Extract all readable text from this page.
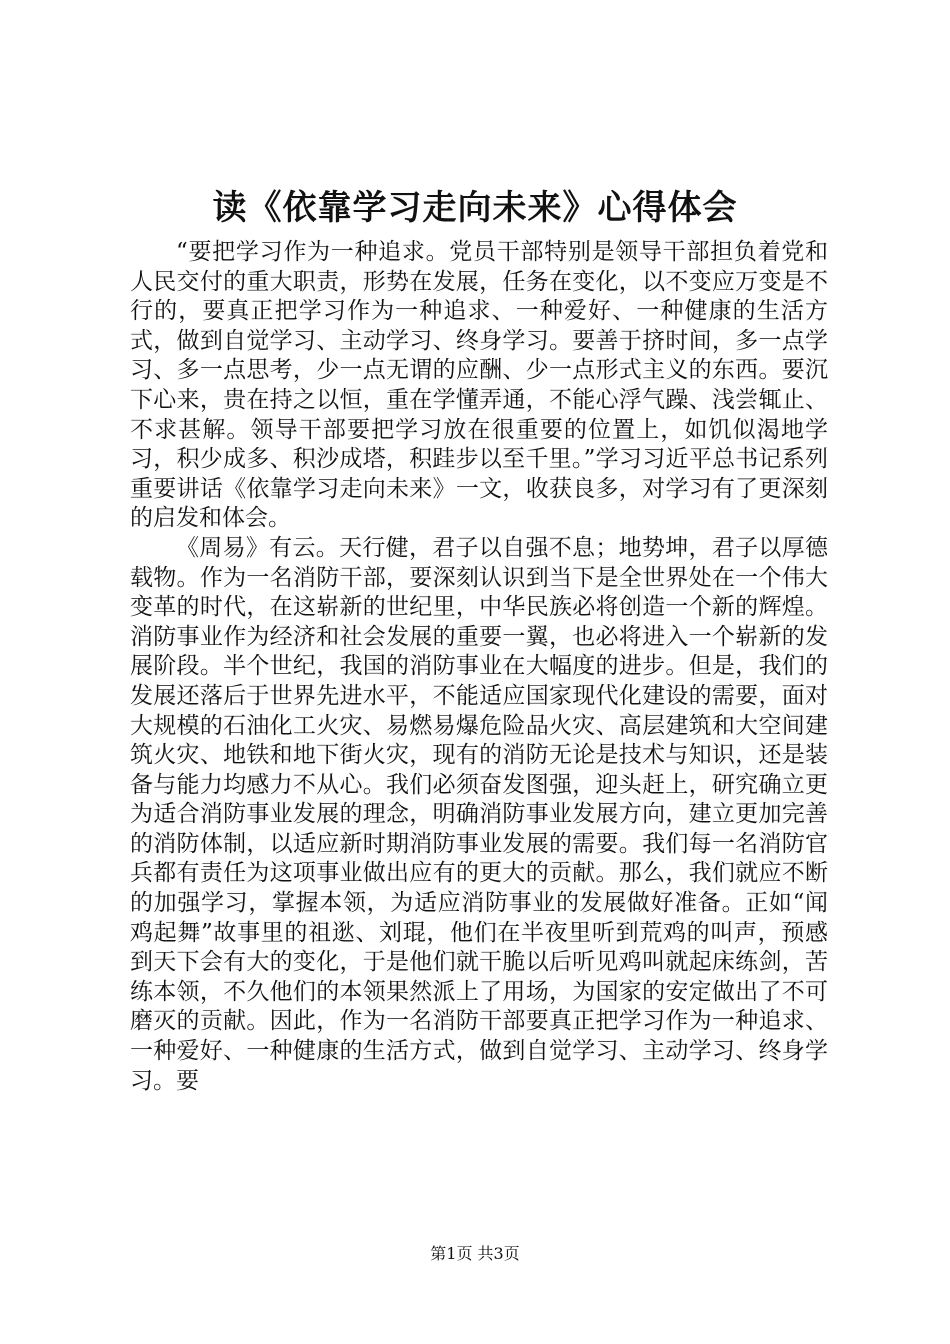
读《依靠学习走向未来》心得体会

“要把学习作为一种追求。党员干部特别是领导干部担负着党和人民交付的重大职责，形势在发展，任务在变化，以不变应万变是不行的，要真正把学习作为一种追求、一种爱好、一种健康的生活方式，做到自觉学习、主动学习、终身学习。要善于挤时间，多一点学习、多一点思考，少一点无谓的应酬、少一点形式主义的东西。要沉下心来，贵在持之以恒，重在学懂弄通，不能心浮气躁、浅尝辄止、不求甚解。领导干部要把学习放在很重要的位置上，如饥似渴地学习，积少成多、积沙成塔，积跬步以至千里。”学习习近平总书记系列重要讲话《依靠学习走向未来》一文，收获良多，对学习有了更深刻的启发和体会。

《周易》有云。天行健，君子以自强不息；地势坤，君子以厚德载物。作为一名消防干部，要深刻认识到当下是全世界处在一个伟大变革的时代，在这崭新的世纪里，中华民族必将创造一个新的辉煌。消防事业作为经济和社会发展的重要一翼，也必将进入一个崭新的发展阶段。半个世纪，我国的消防事业在大幅度的进步。但是，我们的发展还落后于世界先进水平，不能适应国家现代化建设的需要，面对大规模的石油化工火灾、易燃易爆危险品火灾、高层建筑和大空间建筑火灾、地铁和地下街火灾，现有的消防无论是技术与知识，还是装备与能力均感力不从心。我们必须奋发图强，迎头赶上，研究确立更为适合消防事业发展的理念，明确消防事业发展方向，建立更加完善的消防体制，以适应新时期消防事业发展的需要。我们每一名消防官兵都有责任为这项事业做出应有的更大的贡献。那么，我们就应不断的加强学习，掌握本领，为适应消防事业的发展做好准备。正如“闻鸡起舞”故事里的祖逖、刘琨，他们在半夜里听到荒鸡的叫声，预感到天下会有大的变化，于是他们就干脆以后听见鸡叫就起床练剑，苦练本领，不久他们的本领果然派上了用场，为国家的安定做出了不可磨灭的贡献。因此，作为一名消防干部要真正把学习作为一种追求、一种爱好、一种健康的生活方式，做到自觉学习、主动学习、终身学习。要

第1页 共3页
